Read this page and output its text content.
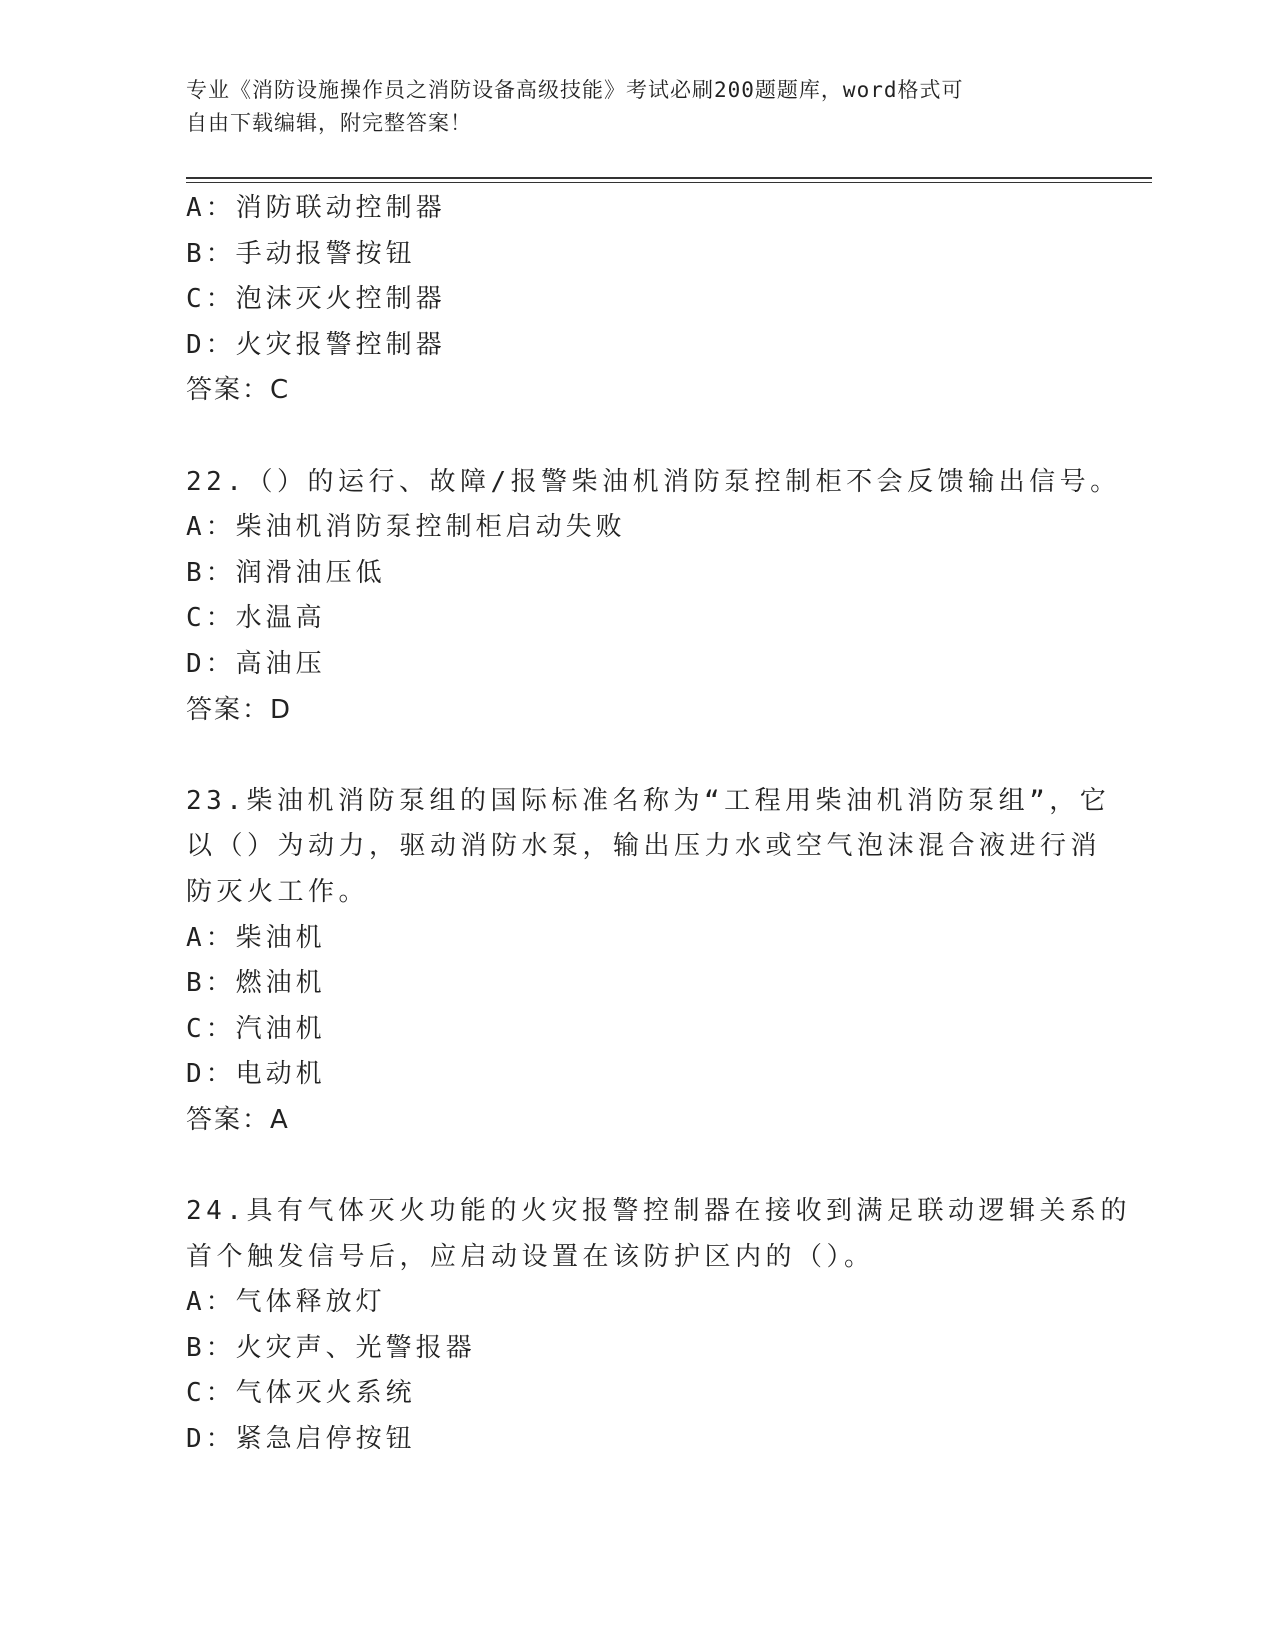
专业《消防设施操作员之消防设备高级技能》考试必刷200题题库，word格式可
自由下载编辑，附完整答案！
A：消防联动控制器
B：手动报警按钮
C：泡沫灭火控制器
D：火灾报警控制器
答案：C
22.（）的运行、故障/报警柴油机消防泵控制柜不会反馈输出信号。
A：柴油机消防泵控制柜启动失败
B：润滑油压低
C：水温高
D：高油压
答案：D
23.柴油机消防泵组的国际标准名称为“工程用柴油机消防泵组”，它
以（）为动力，驱动消防水泵，输出压力水或空气泡沫混合液进行消
防灭火工作。
A：柴油机
B：燃油机
C：汽油机
D：电动机
答案：A
24.具有气体灭火功能的火灾报警控制器在接收到满足联动逻辑关系的
首个触发信号后，应启动设置在该防护区内的（）。
A：气体释放灯
B：火灾声、光警报器
C：气体灭火系统
D：紧急启停按钮
